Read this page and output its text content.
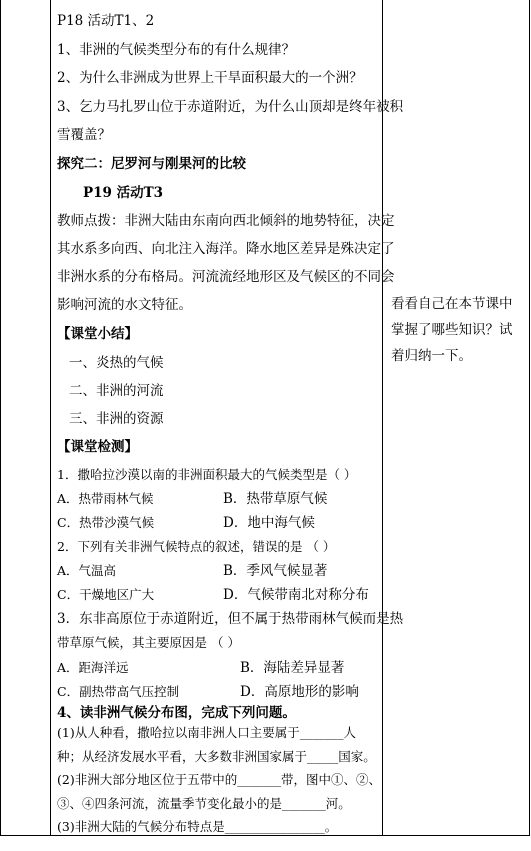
P18 活动T1、2
1、非洲的气候类型分布的有什么规律？
2、为什么非洲成为世界上干旱面积最大的一个洲？
3、乞力马扎罗山位于赤道附近，为什么山顶却是终年被积
雪覆盖？
探究二：尼罗河与刚果河的比较
P19 活动T3
教师点拨：非洲大陆由东南向西北倾斜的地势特征，决定
其水系多向西、向北注入海洋。降水地区差异是殊决定了
非洲水系的分布格局。河流流经地形区及气候区的不同会
影响河流的水文特征。
【课堂小结】
一、炎热的气候
二、非洲的河流
三、非洲的资源
【课堂检测】
1．撒哈拉沙漠以南的非洲面积最大的气候类型是（ ）
A．热带雨林气候
C．热带沙漠气候
2．下列有关非洲气候特点的叙述，错误的是 （ ）
A．气温高
C．干燥地区广大
3．东非高原位于赤道附近，但不属于热带雨林气候而是热
带草原气候，其主要原因是 （ ）
A．距海洋远
C．副热带高气压控制
4、读非洲气候分布图，完成下列问题。
(1)从人种看，撒哈拉以南非洲人口主要属于_______人
种；从经济发展水平看，大多数非洲国家属于_____国家。
(2)非洲大部分地区位于五带中的_______带，图中①、②、
③、④四条河流，流量季节变化最小的是_______河。
(3)非洲大陆的气候分布特点是________________。
B．热带草原气候
D．地中海气候
B．季风气候显著
D．气候带南北对称分布
B．海陆差异显著
D．高原地形的影响
看看自己在本节课中掌握了哪些知识？试着归纳一下。
